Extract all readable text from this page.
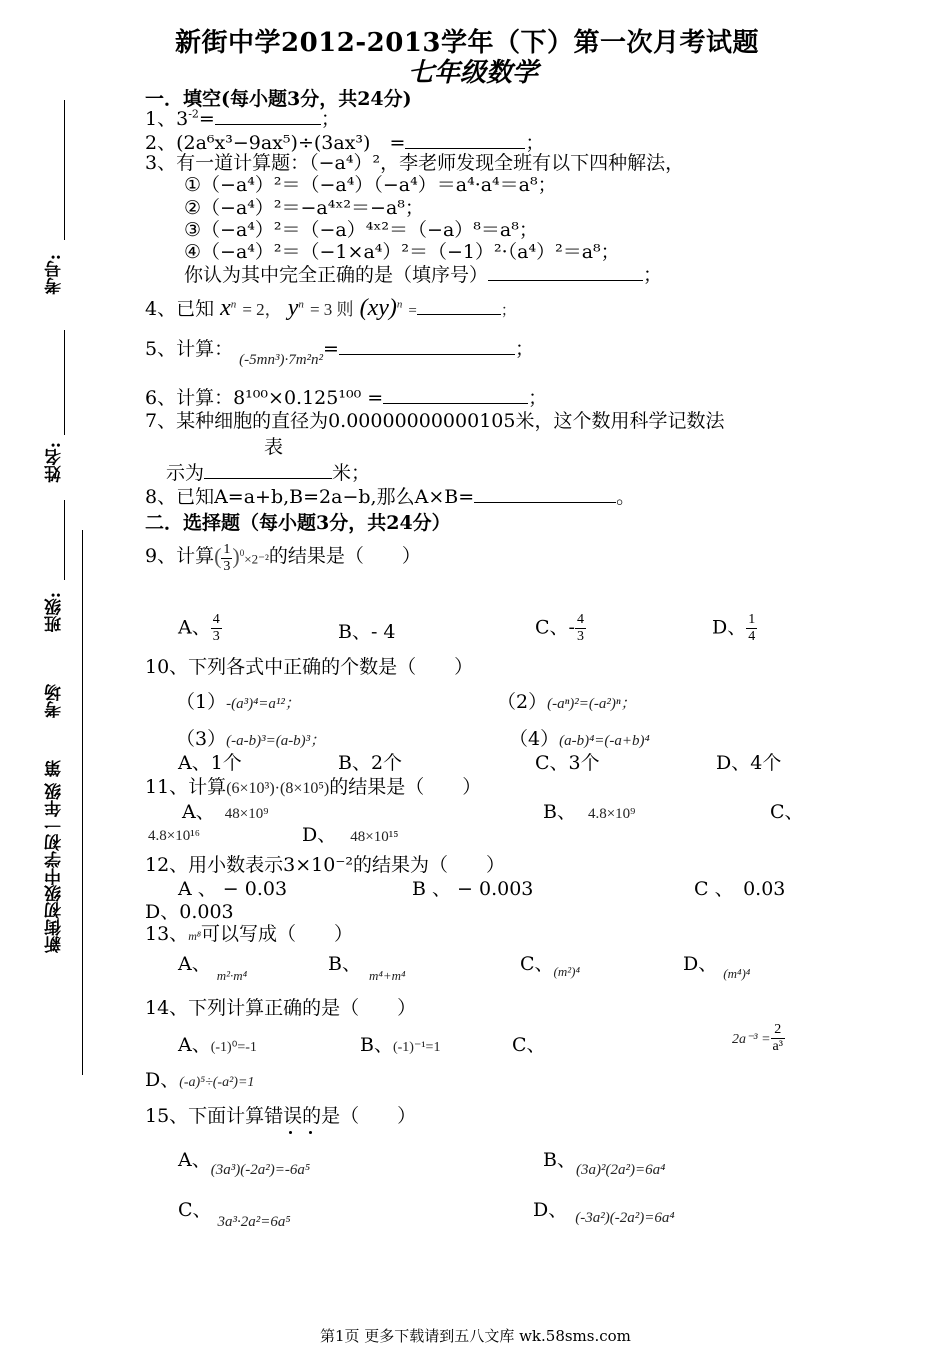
新街中学2012-2013学年（下）第一次月考试题
七年级数学
考号:
姓名:
班级:
考场
新街初级中学初一年级 第
一．填空(每小题3分，共24分)
1、$3^{-2}=$	；
2、(2a⁶x³−9ax⁵)÷(3ax³)　=	；
3、有一道计算题：（−a⁴）²，李老师发现全班有以下四种解法，
①（−a⁴）²＝（−a⁴）（−a⁴）＝a⁴·a⁴＝a⁸；
②（−a⁴）²＝−a⁴ˣ²＝−a⁸；
③（−a⁴）²＝（−a）⁴ˣ²＝（−a）⁸＝a⁸；
④（−a⁴）²＝（−1×a⁴）²＝（−1）²·（a⁴）²＝a⁸；
你认为其中完全正确的是（填序号）	；
4、已知 $x^n = 2$， $y^n = 3$ 则 (xy)$^n$ =	；
5、计算： $_{(-5mn^3)\cdot 7m^2n^2}$=	；
6、计算：8¹⁰⁰×0.125¹⁰⁰ =	；
7、某种细胞的直径为0.00000000000105米，这个数用科学记数法
表
示为	米；
8、已知A=a+b,B=2a−b,那么A×B=	。
二．选择题（每小题3分，共24分）
9、计算( $\frac{1}{3} )^0\times 2^{-2}$的结果是（　　）
A、 $\frac{4}{3}$	B、- 4	C、- $\frac{4}{3}$	D、 $\frac{1}{4}$
10、下列各式中正确的个数是（　　）
（1）-(a³)⁴=a¹²；	（2）(-aⁿ)²=(-a²)ⁿ；
（3）(-a-b)³=(a-b)³；	（4）(a-b)⁴=(-a+b)⁴
A、1个	B、2个	C、3个	D、4个
11、计算(6×10³)·(8×10⁵)的结果是（　　）
A、 48×10⁹	B、 4.8×10⁹	C、
4.8×10¹⁶	D、 48×10¹⁵
12、用小数表示3×10⁻²的结果为（　　）
A 、 − 0.03	B 、 − 0.003	C 、　0.03
D、0.003
13、m⁸可以写成（　　）
A、$_{m^2\cdot m^4}$
B、$_{m^4+m^4}$
C、$_{(m^2)^4}$	D、 $_{(m^4)^4}$
14、下列计算正确的是（　　）
A、(-1)⁰=-1	B、(-1)⁻¹=1	C、	$2a^{-3} = \frac{2}{\text{a³}}$
D、(-a)⁵÷(-a²)=1
15、下面计算错误的是（　　）
A、$_{(3a^3)(-2a^2)=-6a^5}$	B、$_{(3a)^2(2a^2)=6a^4}$
C、$_{3a^3\cdot 2a^2=6a^5}$
D、 $_{(-3a^2)(-2a^2)=6a^4}$
第1页 更多下载请到五八文库 wk.58sms.com
